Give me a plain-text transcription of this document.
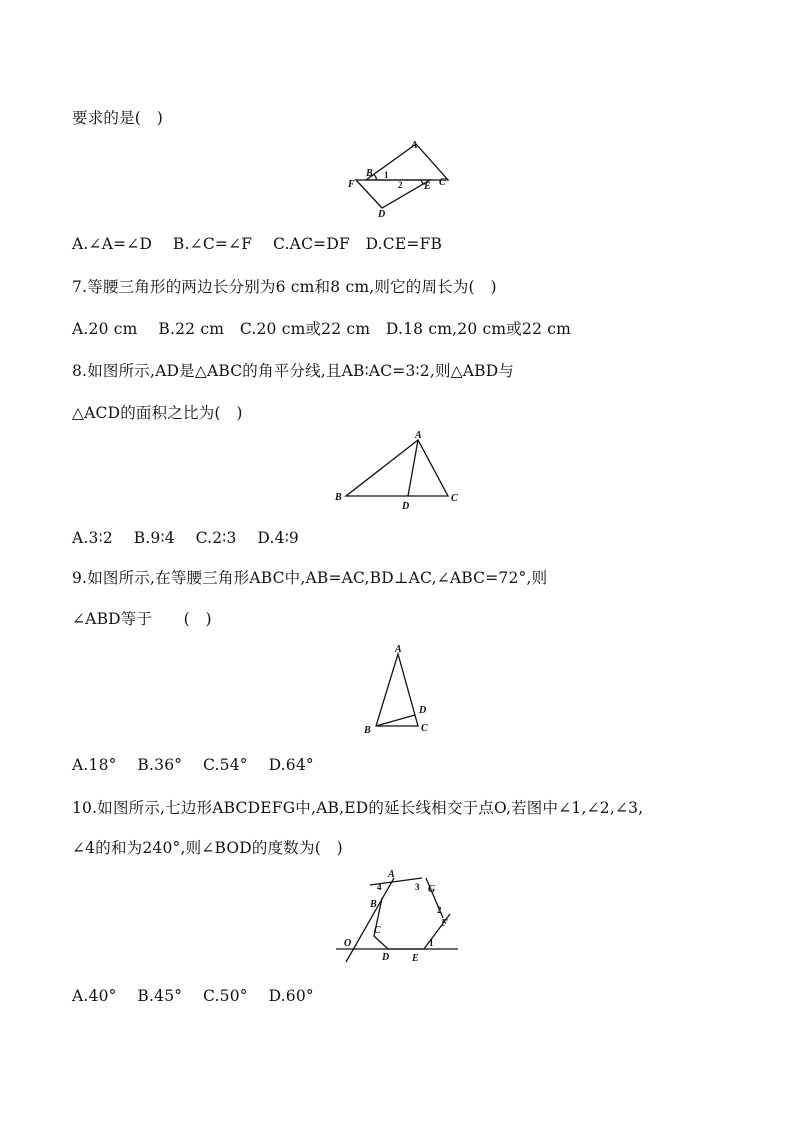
要求的是(　)
A
B
C
D
E
F
1
2
A.∠A=∠D　 B.∠C=∠F　 C.AC=DF　D.CE=FB
7.等腰三角形的两边长分别为6 cm和8 cm,则它的周长为(　)
A.20 cm　 B.22 cm　C.20 cm或22 cm　D.18 cm,20 cm或22 cm
8.如图所示,AD是△ABC的角平分线,且AB∶AC=3∶2,则△ABD与
△ACD的面积之比为(　)
A
B	C
D
A.3∶2　 B.9∶4　 C.2∶3　 D.4∶9
9.如图所示,在等腰三角形ABC中,AB=AC,BD⊥AC,∠ABC=72°,则
∠ABD等于　　(　)
A
B	C
D
A.18°　 B.36°　 C.54°　 D.64°
10.如图所示,七边形ABCDEFG中,AB,ED的延长线相交于点O,若图中∠1,∠2,∠3,
∠4的和为240°,则∠BOD的度数为(　)
A
B
C
D E
F
G
O	1
2
3
4
A.40°　 B.45°　 C.50°　 D.60°
